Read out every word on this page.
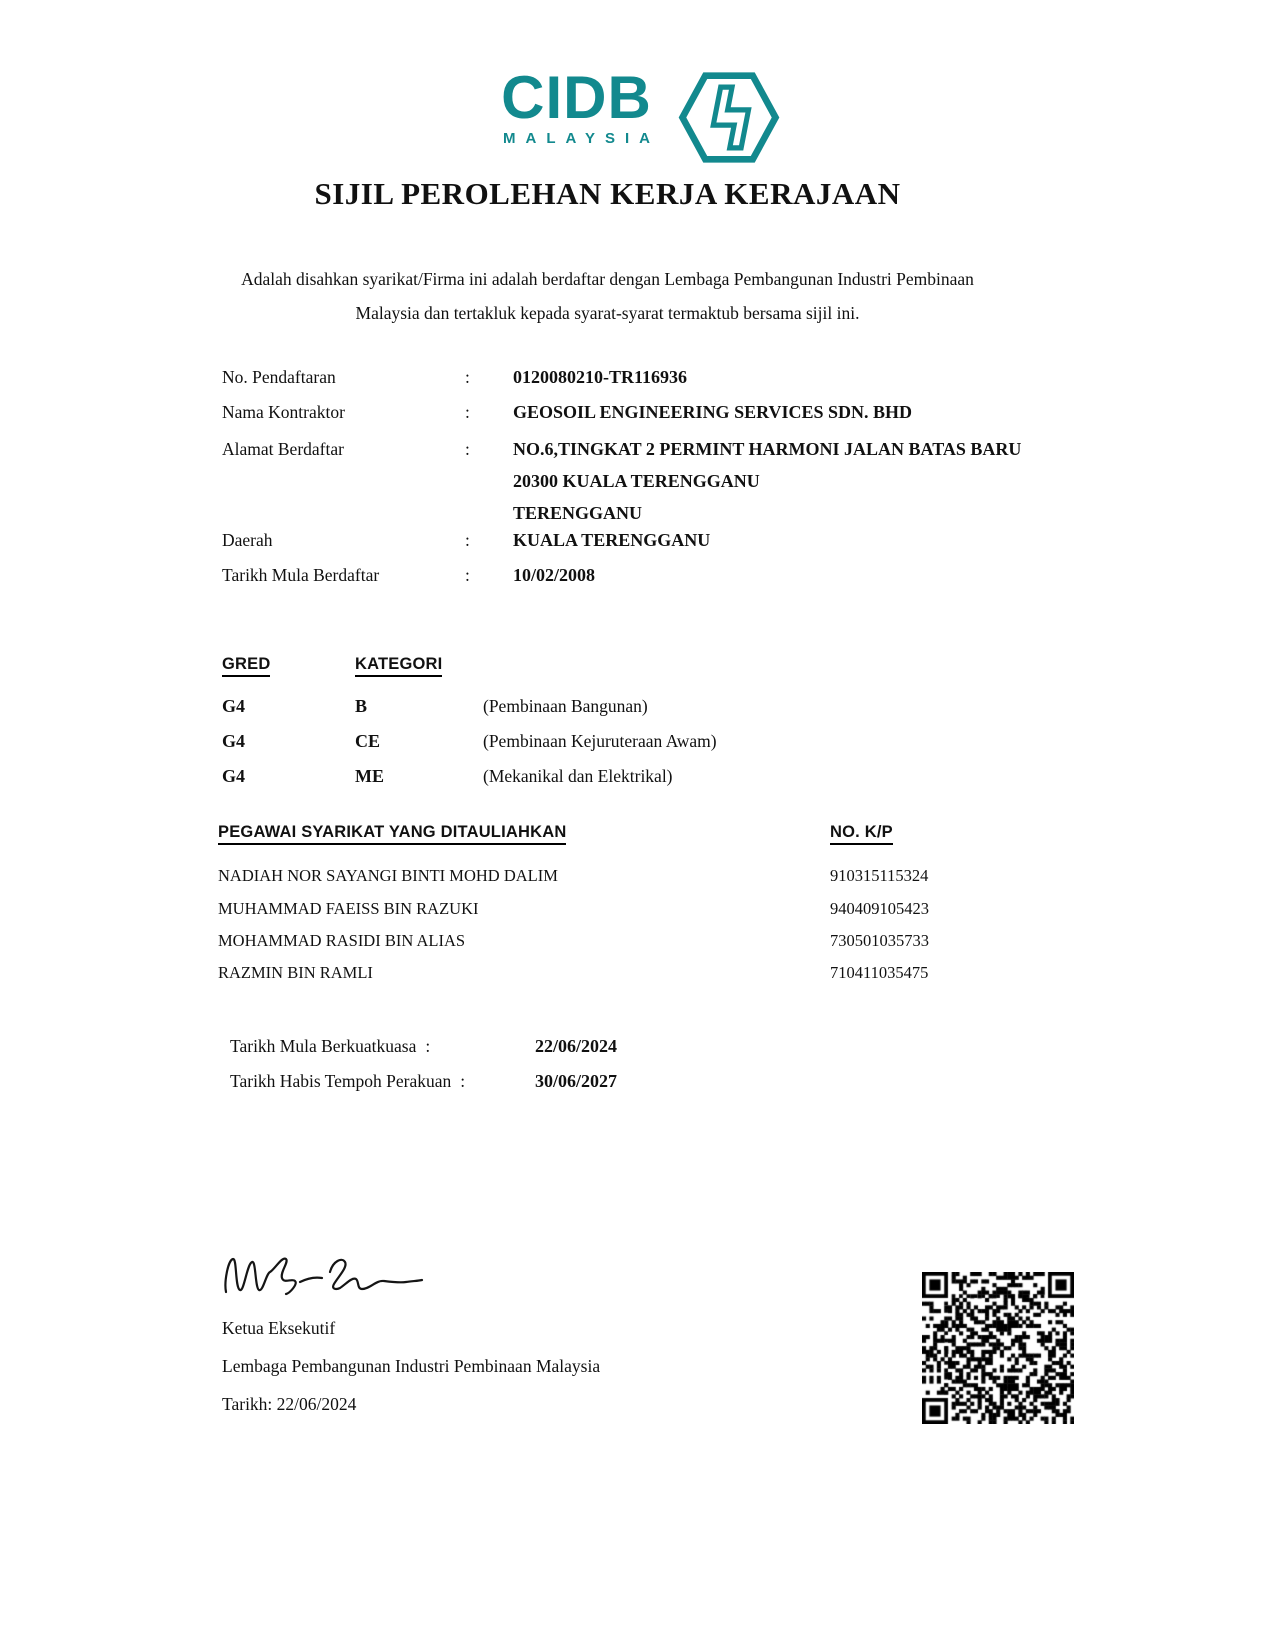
CIDB
MALAYSIA
SIJIL PEROLEHAN KERJA KERAJAAN
Adalah disahkan syarikat/Firma ini adalah berdaftar dengan Lembaga Pembangunan Industri Pembinaan
Malaysia dan tertakluk kepada syarat-syarat termaktub bersama sijil ini.
No. Pendaftaran	: 0120080210-TR116936
Nama Kontraktor	: GEOSOIL ENGINEERING SERVICES SDN. BHD
Alamat Berdaftar	: NO.6,TINGKAT 2 PERMINT HARMONI JALAN BATAS BARU
20300 KUALA TERENGGANU
TERENGGANU
Daerah	: KUALA TERENGGANU
Tarikh Mula Berdaftar	: 10/02/2008
GRED	KATEGORI
G4	B	(Pembinaan Bangunan)
G4	CE	(Pembinaan Kejuruteraan Awam)
G4	ME	(Mekanikal dan Elektrikal)
PEGAWAI SYARIKAT YANG DITAULIAHKAN	NO. K/P
NADIAH NOR SAYANGI BINTI MOHD DALIM	910315115324
MUHAMMAD FAEISS BIN RAZUKI	940409105423
MOHAMMAD RASIDI BIN ALIAS	730501035733
RAZMIN BIN RAMLI	710411035475
Tarikh Mula Berkuatkuasa :	22/06/2024
Tarikh Habis Tempoh Perakuan :	30/06/2027
Ketua Eksekutif
Lembaga Pembangunan Industri Pembinaan Malaysia
Tarikh: 22/06/2024
